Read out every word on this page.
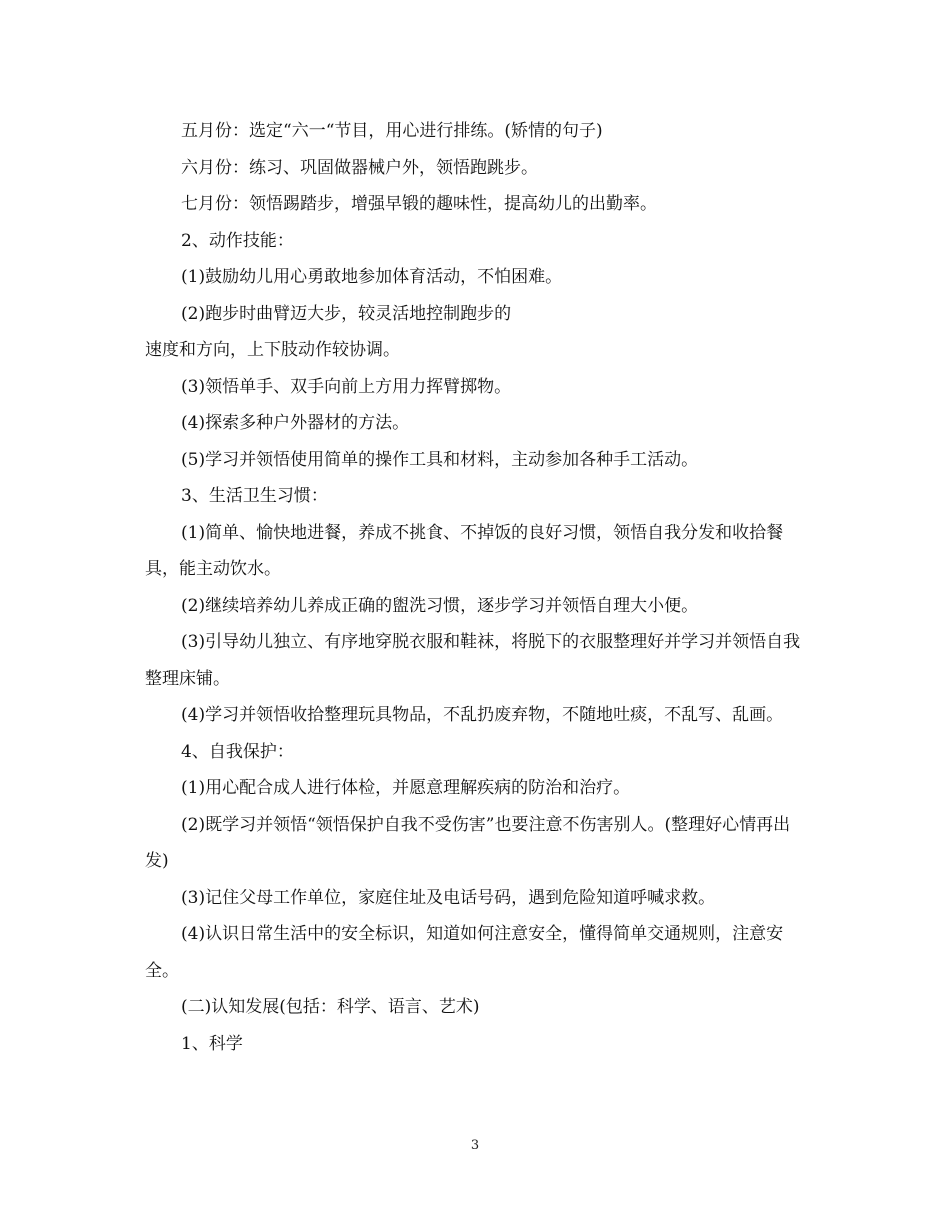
五月份：选定“六一“节目，用心进行排练。(矫情的句子)

六月份：练习、巩固做器械户外，领悟跑跳步。

七月份：领悟踢踏步，增强早锻的趣味性，提高幼儿的出勤率。

2、动作技能：

(1)鼓励幼儿用心勇敢地参加体育活动，不怕困难。

(2)跑步时曲臂迈大步，较灵活地控制跑步的

速度和方向，上下肢动作较协调。

(3)领悟单手、双手向前上方用力挥臂掷物。

(4)探索多种户外器材的方法。

(5)学习并领悟使用简单的操作工具和材料，主动参加各种手工活动。

3、生活卫生习惯：

(1)简单、愉快地进餐，养成不挑食、不掉饭的良好习惯，领悟自我分发和收拾餐具，能主动饮水。

(2)继续培养幼儿养成正确的盥洗习惯，逐步学习并领悟自理大小便。

(3)引导幼儿独立、有序地穿脱衣服和鞋袜，将脱下的衣服整理好并学习并领悟自我整理床铺。

(4)学习并领悟收拾整理玩具物品，不乱扔废弃物，不随地吐痰，不乱写、乱画。

4、自我保护：

(1)用心配合成人进行体检，并愿意理解疾病的防治和治疗。

(2)既学习并领悟“领悟保护自我不受伤害”也要注意不伤害别人。(整理好心情再出发)

(3)记住父母工作单位，家庭住址及电话号码，遇到危险知道呼喊求救。

(4)认识日常生活中的安全标识，知道如何注意安全，懂得简单交通规则，注意安全。

(二)认知发展(包括：科学、语言、艺术)

1、科学

3
